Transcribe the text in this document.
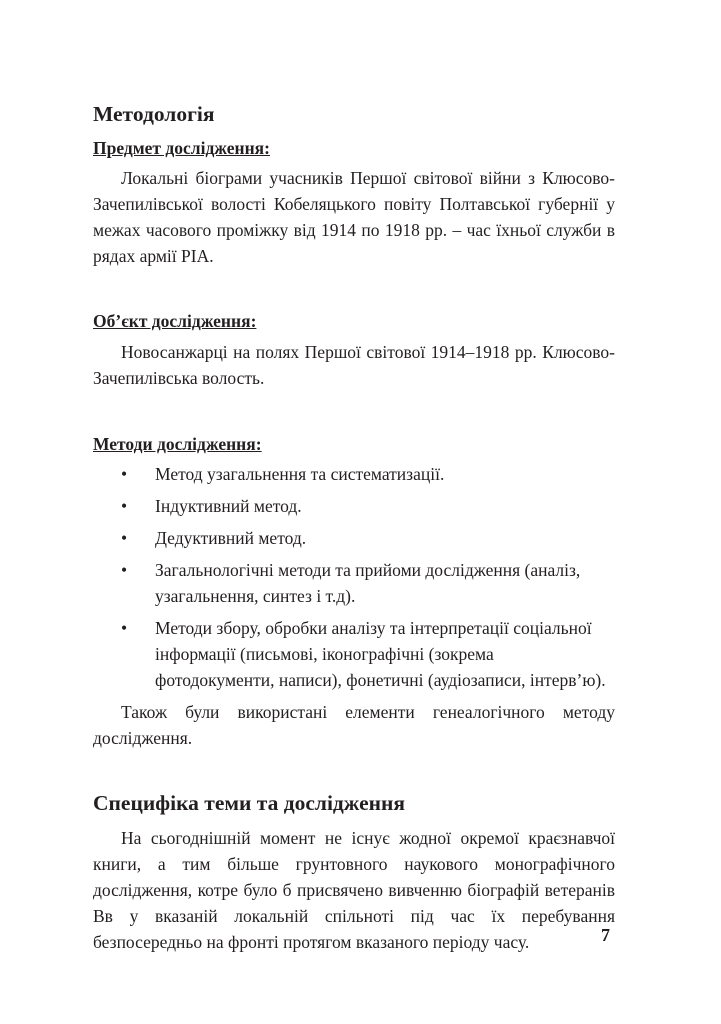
Методологія
Предмет дослідження:

Локальні біограми учасників Першої світової війни з Клюсово-Зачепилівської волості Кобеляцького повіту Полтавської губернії у межах часового проміжку від 1914 по 1918 рр. – час їхньої служби в рядах армії РІА.

Об’єкт дослідження:

Новосанжарці на полях Першої світової 1914–1918 рр. Клюсово-Зачепилівська волость.

Методи дослідження:
• Метод узагальнення та систематизації.
• Індуктивний метод.
• Дедуктивний метод.
• Загальнологічні методи та прийоми дослідження (аналіз, узагальнення, синтез і т.д).
• Методи збору, обробки аналізу та інтерпретації соціальної інформації (письмові, іконографічні (зокрема фотодокументи, написи), фонетичні (аудіозаписи, інтерв’ю).

Також були використані елементи генеалогічного методу дослідження.

Специфіка теми та дослідження

На сьогоднішній момент не існує жодної окремої краєзнавчої книги, а тим більше грунтовного наукового монографічного дослідження, котре було б присвячено вивченню біографій ветеранів Вв у вказаній локальній спільноті під час їх перебування безпосередньо на фронті протягом вказаного періоду часу.	7
